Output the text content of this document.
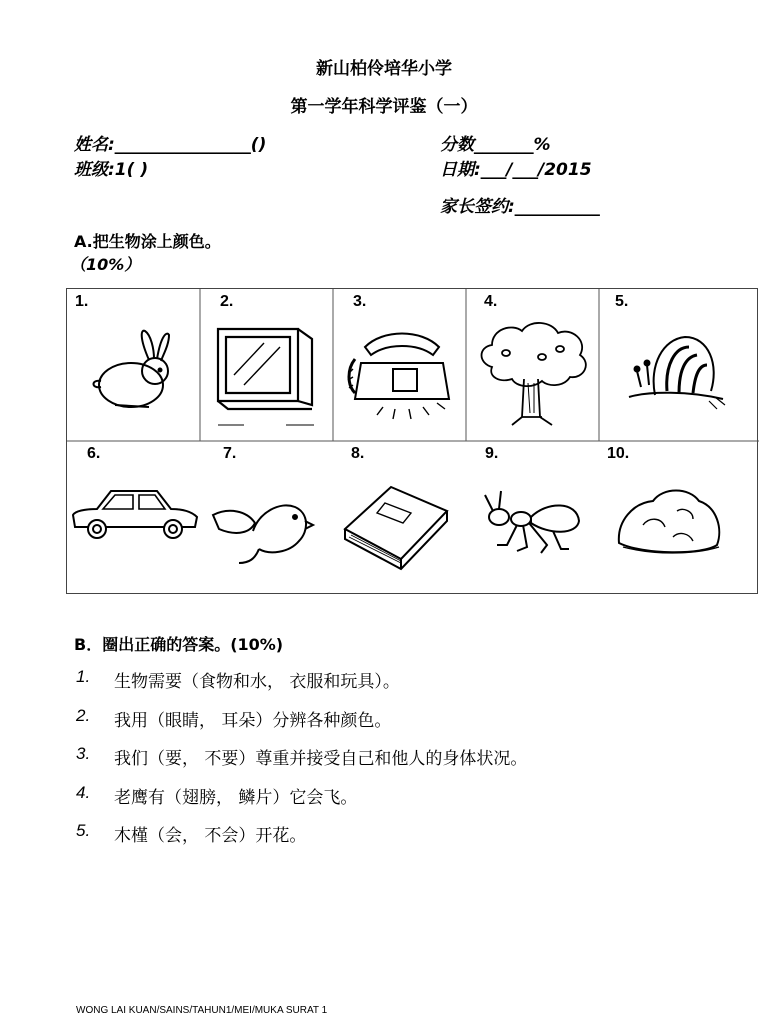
新山柏伶培华小学
第一学年科学评鉴（一）
姓名:________________()	分数_______%
班级:1( )	日期:___/___/2015
家长签约:__________
A.把生物涂上颜色。
（10%）
1.	2.	3.	4.	5.
6.	7.	8.	9.	10.
B．圈出正确的答案。(10%)
1. 生物需要（食物和水， 衣服和玩具）。
2. 我用（眼睛， 耳朵）分辨各种颜色。
3. 我们（要， 不要）尊重并接受自己和他人的身体状况。
4. 老鹰有（翅膀， 鳞片）它会飞。
5. 木槿（会， 不会）开花。
WONG LAI KUAN/SAINS/TAHUN1/MEI/MUKA SURAT 1
